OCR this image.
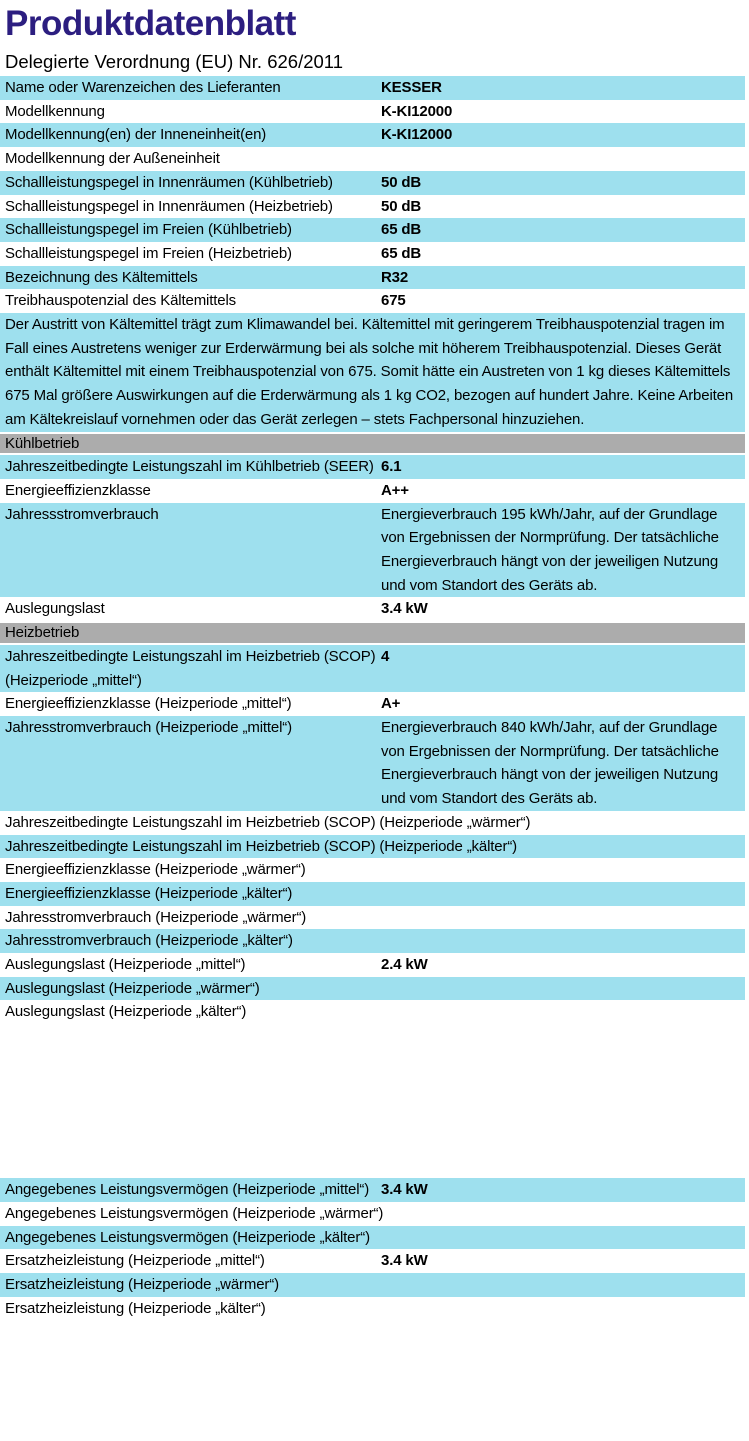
Produktdatenblatt
Delegierte Verordnung (EU) Nr. 626/2011
Name oder Warenzeichen des Lieferanten	KESSER
Modellkennung	K-KI12000
Modellkennung(en) der Inneneinheit(en)	K-KI12000
Modellkennung der Außeneinheit	
Schallleistungspegel in Innenräumen (Kühlbetrieb)	50 dB
Schallleistungspegel in Innenräumen (Heizbetrieb)	50 dB
Schallleistungspegel im Freien (Kühlbetrieb)	65 dB
Schallleistungspegel im Freien (Heizbetrieb)	65 dB
Bezeichnung des Kältemittels	R32
Treibhauspotenzial des Kältemittels	675
Der Austritt von Kältemittel trägt zum Klimawandel bei. Kältemittel mit geringerem Treibhauspotenzial tragen im Fall eines Austretens weniger zur Erderwärmung bei als solche mit höherem Treibhauspotenzial. Dieses Gerät enthält Kältemittel mit einem Treibhauspotenzial von 675. Somit hätte ein Austreten von 1 kg dieses Kältemittels 675 Mal größere Auswirkungen auf die Erderwärmung als 1 kg CO2, bezogen auf hundert Jahre. Keine Arbeiten am Kältekreislauf vornehmen oder das Gerät zerlegen – stets Fachpersonal hinzuziehen.	
Kühlbetrieb	
Jahreszeitbedingte Leistungszahl im Kühlbetrieb (SEER)	6.1
Energieeffizienzklasse	A++
Jahressstromverbrauch	Energieverbrauch 195 kWh/Jahr, auf der Grundlage von Ergebnissen der Normprüfung. Der tatsächliche Energieverbrauch hängt von der jeweiligen Nutzung und vom Standort des Geräts ab.
Auslegungslast	3.4 kW
Heizbetrieb	
Jahreszeitbedingte Leistungszahl im Heizbetrieb (SCOP) (Heizperiode „mittel“)	4
Energieeffizienzklasse (Heizperiode „mittel“)	A+
Jahresstromverbrauch (Heizperiode „mittel“)	Energieverbrauch 840 kWh/Jahr, auf der Grundlage von Ergebnissen der Normprüfung. Der tatsächliche Energieverbrauch hängt von der jeweiligen Nutzung und vom Standort des Geräts ab.
Jahreszeitbedingte Leistungszahl im Heizbetrieb (SCOP) (Heizperiode „wärmer“)	
Jahreszeitbedingte Leistungszahl im Heizbetrieb (SCOP) (Heizperiode „kälter“)	
Energieeffizienzklasse (Heizperiode „wärmer“)	
Energieeffizienzklasse (Heizperiode „kälter“)	
Jahresstromverbrauch (Heizperiode „wärmer“)	
Jahresstromverbrauch (Heizperiode „kälter“)	
Auslegungslast (Heizperiode „mittel“)	2.4 kW
Auslegungslast (Heizperiode „wärmer“)	
Auslegungslast (Heizperiode „kälter“)	

Angegebenes Leistungsvermögen (Heizperiode „mittel“)	3.4 kW
Angegebenes Leistungsvermögen (Heizperiode „wärmer“)	
Angegebenes Leistungsvermögen (Heizperiode „kälter“)	
Ersatzheizleistung (Heizperiode „mittel“)	3.4 kW
Ersatzheizleistung (Heizperiode „wärmer“)	
Ersatzheizleistung (Heizperiode „kälter“)	
